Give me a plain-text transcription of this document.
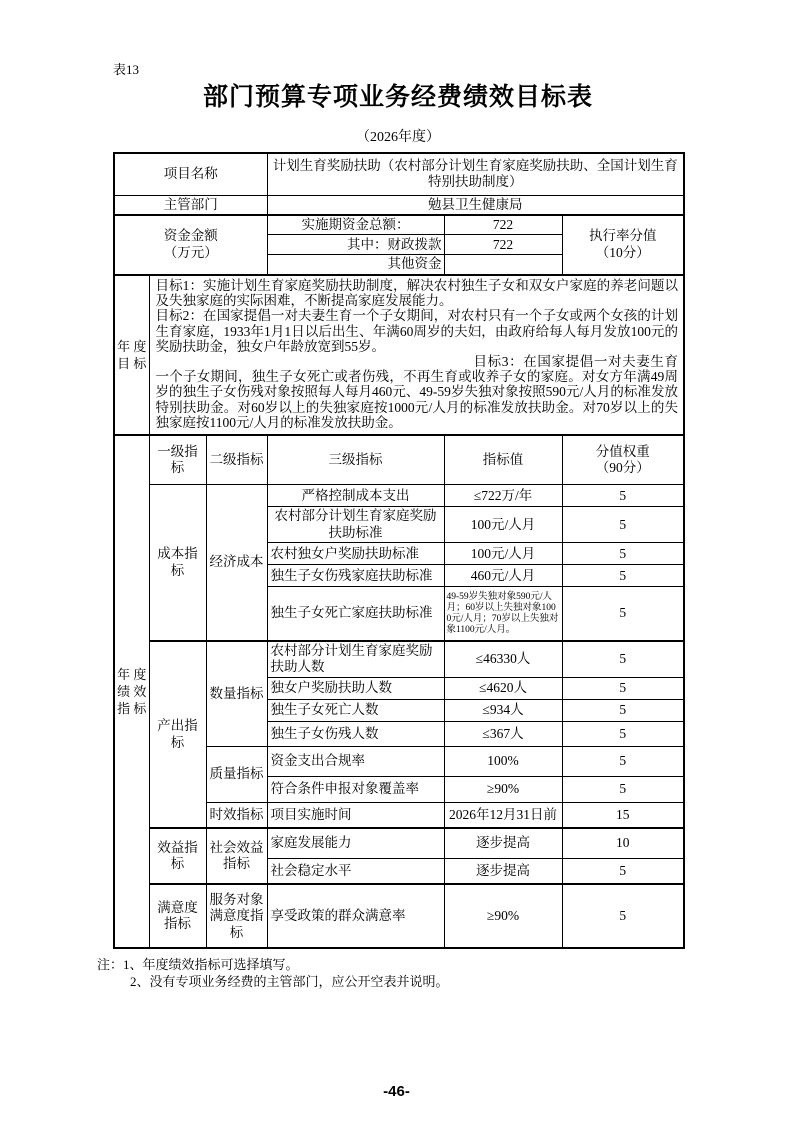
表13
部门预算专项业务经费绩效目标表
（2026年度）
项目名称			计划生育奖励扶助（农村部分计划生育家庭奖励扶助、全国计划生育特别扶助制度）		
主管部门			勉县卫生健康局		

资金金额
（万元）			实施期资金总额：	722	执行率分值
（10分）

			其中：财政拨款	722	
			其他资金		

年 度
目 标

目标1：实施计划生育家庭奖励扶助制度，解决农村独生子女和双女户家庭的养老问题以及失独家庭的实际困难，不断提高家庭发展能力。

目标2：在国家提倡一对夫妻生育一个子女期间，对农村只有一个子女或两个女孩的计划生育家庭，1933年1月1日以后出生、年满60周岁的夫妇，由政府给每人每月发放100元的奖励扶助金，独女户年龄放宽到55岁。

目标3：在国家提倡一对夫妻生育一个子女期间，独生子女死亡或者伤残，不再生育或收养子女的家庭。对女方年满49周岁的独生子女伤残对象按照每人每月460元、49-59岁失独对象按照590元/人月的标准发放特别扶助金。对60岁以上的失独家庭按1000元/人月的标准发放扶助金。对70岁以上的失独家庭按1100元/人月的标准发放扶助金。

年 度
绩 效
指 标	一级指标	二级指标	三级指标	指标值	分值权重
（90分）

	成本指标	经济成本	严格控制成本支出	≤722万/年	5
			农村部分计划生育家庭奖励扶助标准	100元/人月	5
			农村独女户奖励扶助标准	100元/人月	5
			独生子女伤残家庭扶助标准	460元/人月	5
			独生子女死亡家庭扶助标准	49-59岁失独对象590元/人月；60岁以上失独对象1000元/人月；70岁以上失独对象1100元/人月。	5
	产出指标	数量指标	农村部分计划生育家庭奖励扶助人数	≤46330人	5
			独女户奖励扶助人数	≤4620人	5
			独生子女死亡人数	≤934人	5
			独生子女伤残人数	≤367人	5
		质量指标	资金支出合规率	100%	5
			符合条件申报对象覆盖率	≥90%	5
		时效指标	项目实施时间	2026年12月31日前	15
	效益指标	社会效益指标	家庭发展能力	逐步提高	10
			社会稳定水平	逐步提高	5
	满意度指标	服务对象满意度指标	享受政策的群众满意率	≥90%	5
注：1、年度绩效指标可选择填写。
2、没有专项业务经费的主管部门，应公开空表并说明。
-46-
